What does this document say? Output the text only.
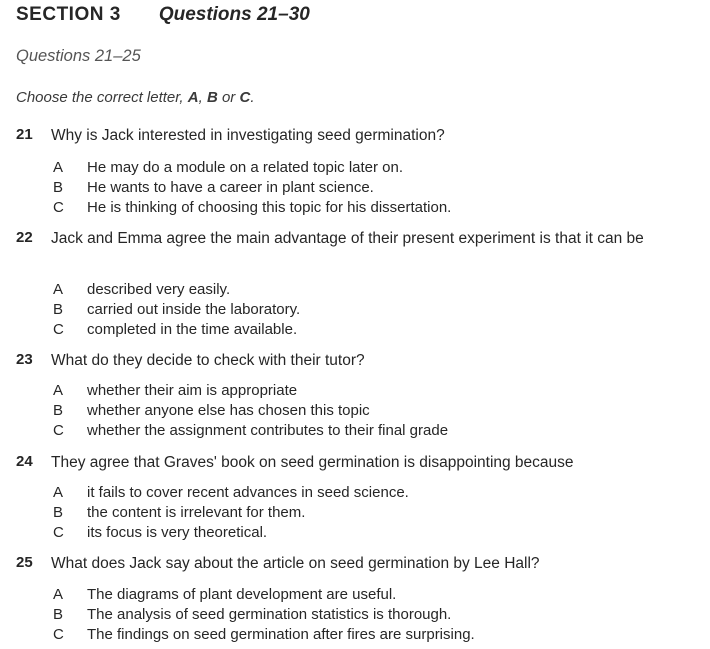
SECTION 3 Questions 21–30
Questions 21–25
Choose the correct letter, A, B or C.
21 Why is Jack interested in investigating seed germination?
A	He may do a module on a related topic later on.
B	He wants to have a career in plant science.
C	He is thinking of choosing this topic for his dissertation.
22 Jack and Emma agree the main advantage of their present experiment is that it can be
A	described very easily.
B	carried out inside the laboratory.
C	completed in the time available.
23 What do they decide to check with their tutor?
A	whether their aim is appropriate
B	whether anyone else has chosen this topic
C	whether the assignment contributes to their final grade
24 They agree that Graves' book on seed germination is disappointing because
A	it fails to cover recent advances in seed science.
B	the content is irrelevant for them.
C	its focus is very theoretical.
25 What does Jack say about the article on seed germination by Lee Hall?
A	The diagrams of plant development are useful.
B	The analysis of seed germination statistics is thorough.
C	The findings on seed germination after fires are surprising.
